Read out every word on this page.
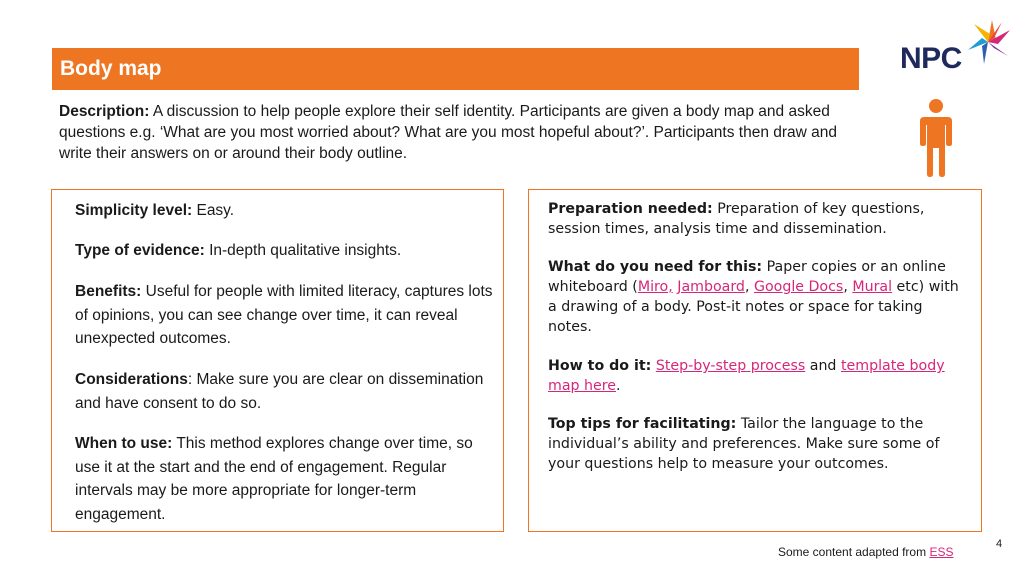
Body map	NPC
Description: A discussion to help people explore their self identity. Participants are given a body map and asked questions e.g. ‘What are you most worried about? What are you most hopeful about?’. Participants then draw and write their answers on or around their body outline.
Simplicity level: Easy.
Type of evidence: In-depth qualitative insights.
Benefits: Useful for people with limited literacy, captures lots of opinions, you can see change over time, it can reveal unexpected outcomes.
Considerations: Make sure you are clear on dissemination and have consent to do so.
When to use: This method explores change over time, so use it at the start and the end of engagement. Regular intervals may be more appropriate for longer-term engagement.
Preparation needed: Preparation of key questions, session times, analysis time and dissemination.
What do you need for this: Paper copies or an online whiteboard (Miro, Jamboard, Google Docs, Mural etc) with a drawing of a body. Post-it notes or space for taking notes.
How to do it: Step-by-step process and template body map here.
Top tips for facilitating: Tailor the language to the individual’s ability and preferences. Make sure some of your questions help to measure your outcomes.
4
Some content adapted from ESS
